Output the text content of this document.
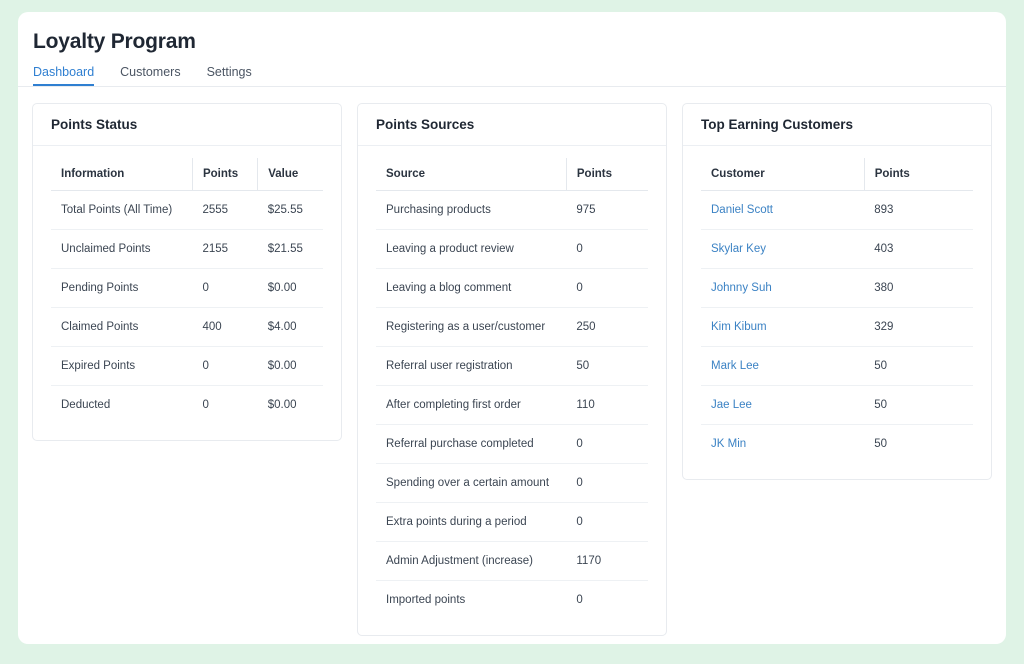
Loyalty Program
Dashboard Customers Settings
Points Status
Information	Points	Value
Total Points (All Time)	2555	$25.55
Unclaimed Points	2155	$21.55
Pending Points	0	$0.00
Claimed Points	400	$4.00
Expired Points	0	$0.00
Deducted	0	$0.00
Points Sources
Source	Points
Purchasing products	975
Leaving a product review	0
Leaving a blog comment	0
Registering as a user/customer	250
Referral user registration	50
After completing first order	110
Referral purchase completed	0
Spending over a certain amount	0
Extra points during a period	0
Admin Adjustment (increase)	1170
Imported points	0
Top Earning Customers
Customer	Points
Daniel Scott	893
Skylar Key	403
Johnny Suh	380
Kim Kibum	329
Mark Lee	50
Jae Lee	50
JK Min	50
